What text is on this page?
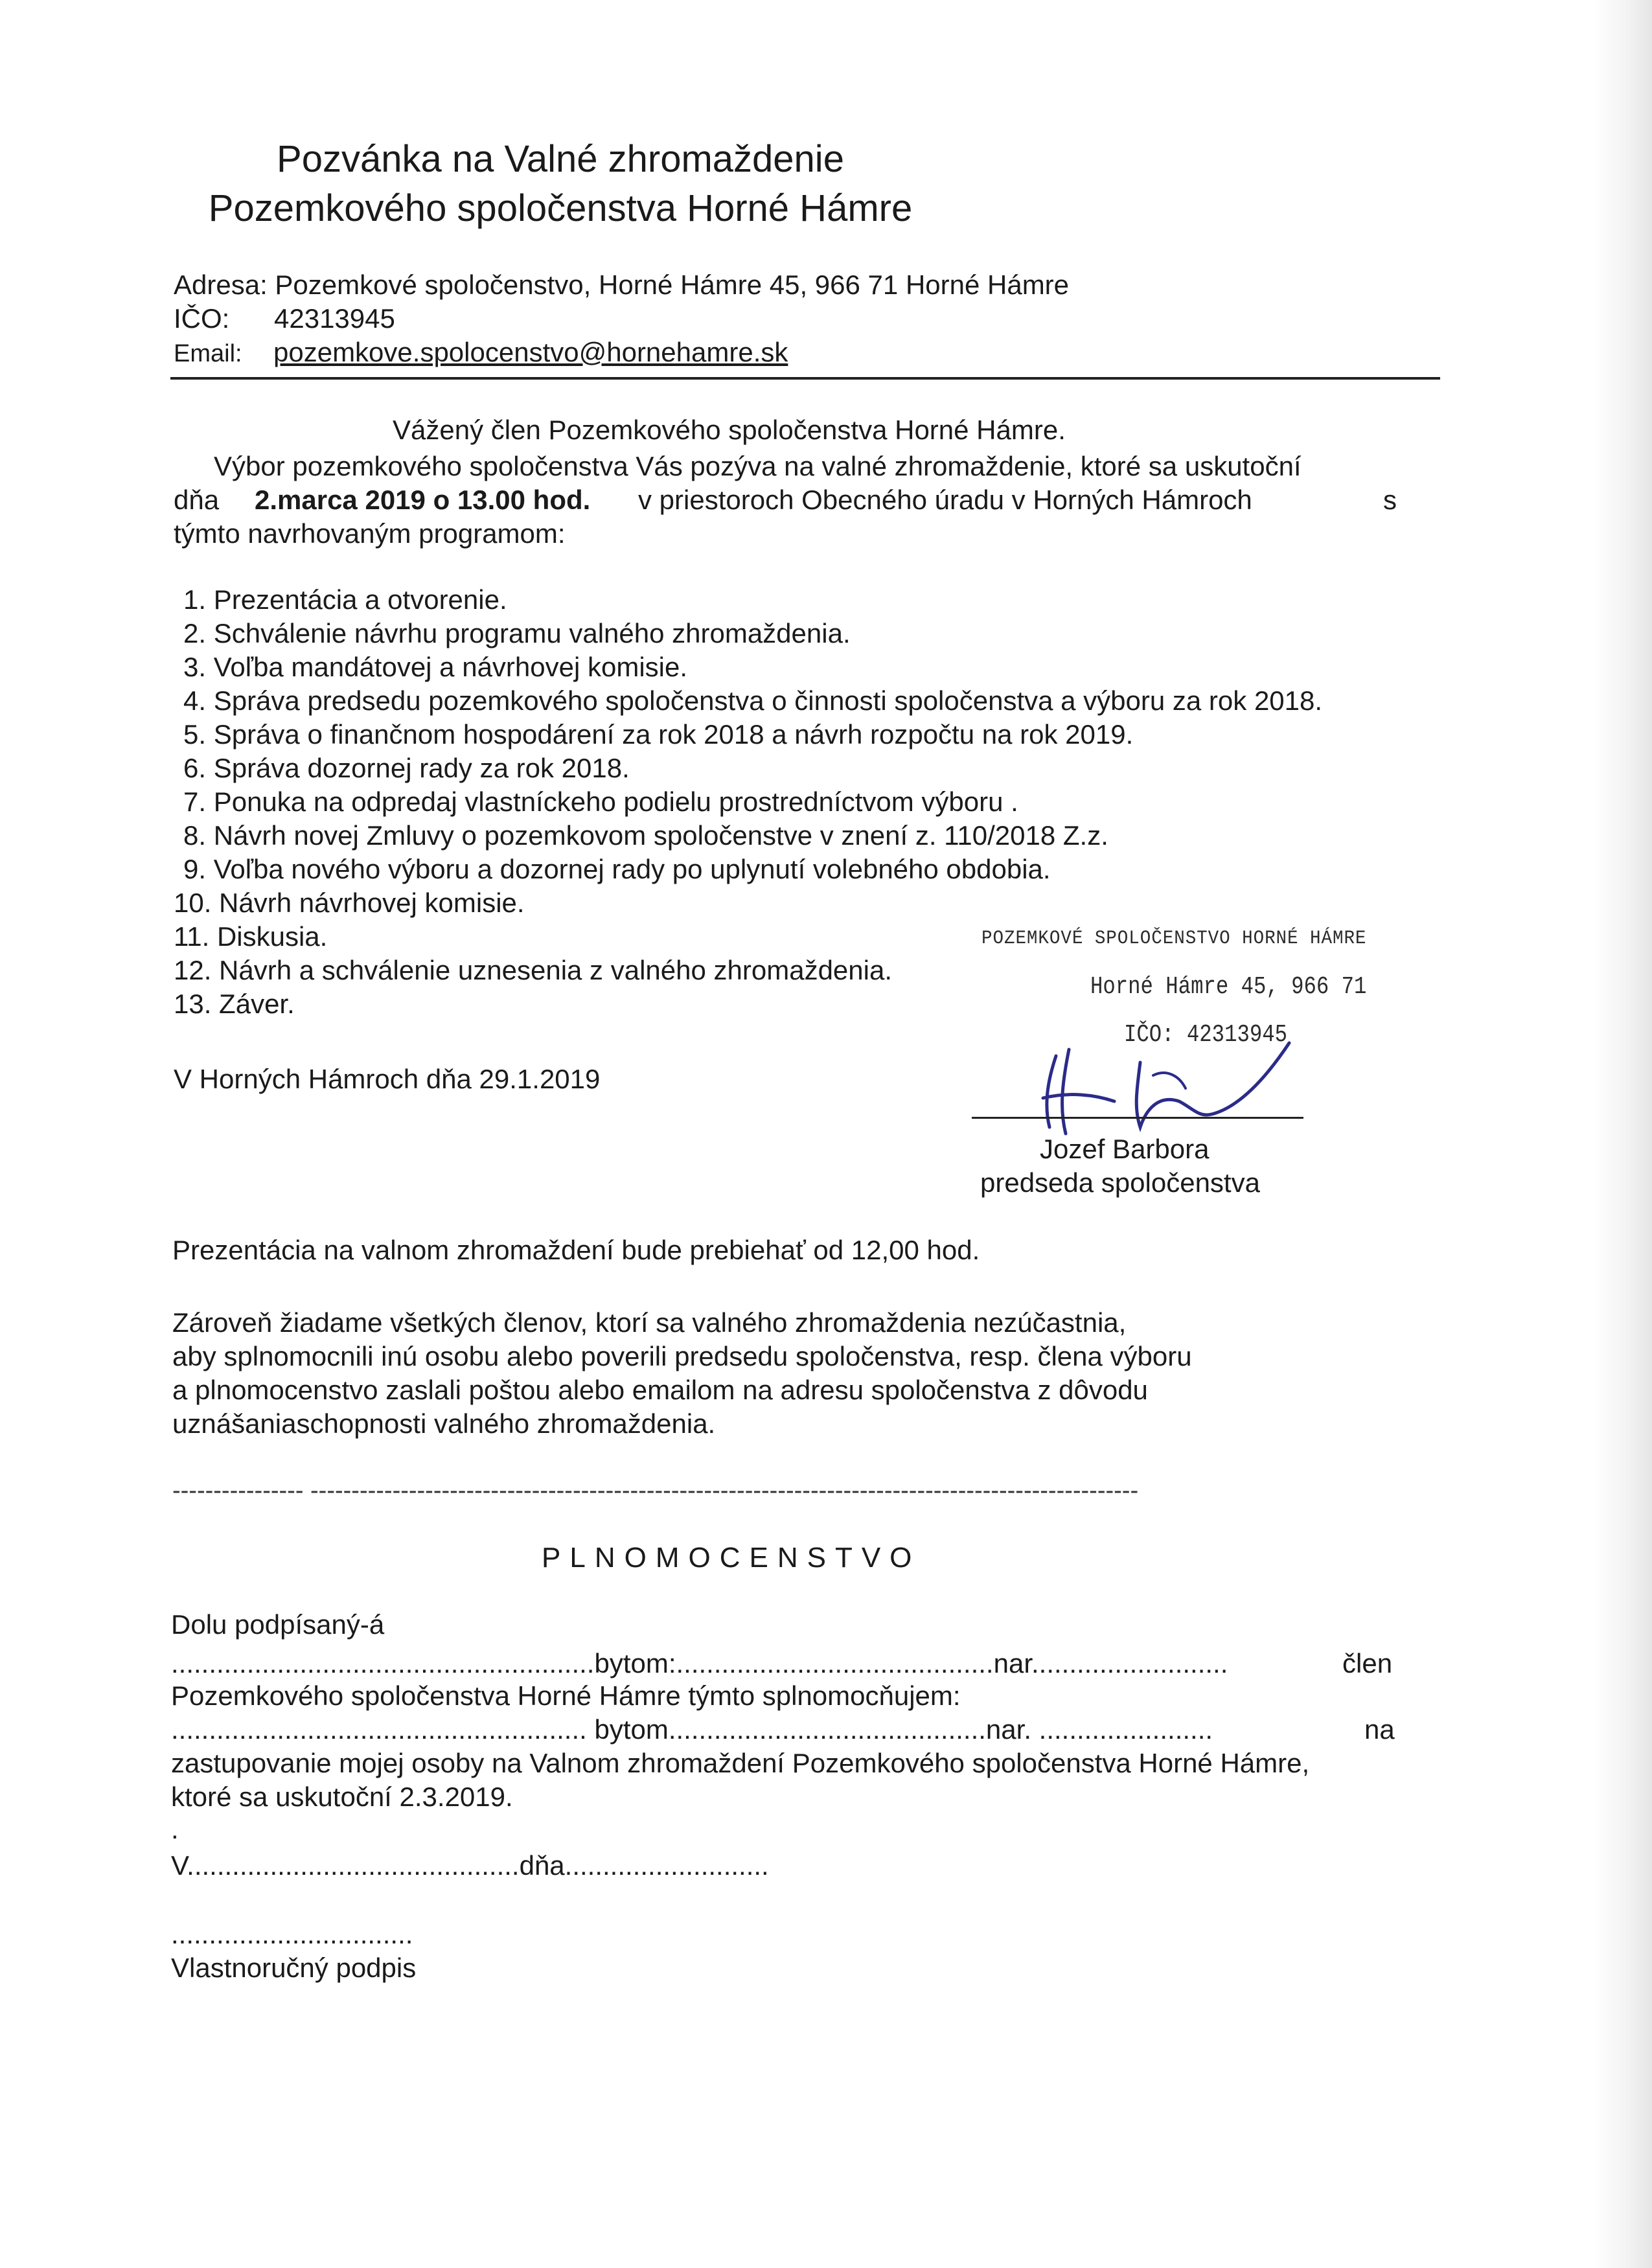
Pozvánka na Valné zhromaždenie
Pozemkového spoločenstva Horné Hámre
Adresa: Pozemkové spoločenstvo, Horné Hámre 45, 966 71 Horné Hámre
IČO: 42313945
Email: pozemkove.spolocenstvo@hornehamre.sk
Vážený člen Pozemkového spoločenstva Horné Hámre.
Výbor pozemkového spoločenstva Vás pozýva na valné zhromaždenie, ktoré sa uskutoční
dňa 2.marca 2019 o 13.00 hod. v priestoroch Obecného úradu v Horných Hámroch	s
týmto navrhovaným programom:
1. Prezentácia a otvorenie.
2. Schválenie návrhu programu valného zhromaždenia.
3. Voľba mandátovej a návrhovej komisie.
4. Správa predsedu pozemkového spoločenstva o činnosti spoločenstva a výboru za rok 2018.
5. Správa o finančnom hospodárení za rok 2018 a návrh rozpočtu na rok 2019.
6. Správa dozornej rady za rok 2018.
7. Ponuka na odpredaj vlastníckeho podielu prostredníctvom výboru .
8. Návrh novej Zmluvy o pozemkovom spoločenstve v znení z. 110/2018 Z.z.
9. Voľba nového výboru a dozornej rady po uplynutí volebného obdobia.
10. Návrh návrhovej komisie.
11. Diskusia.
12. Návrh a schválenie uznesenia z valného zhromaždenia.
13. Záver.
POZEMKOVÉ SPOLOČENSTVO HORNÉ HÁMRE
Horné Hámre 45, 966 71
IČO: 42313945
V Horných Hámroch dňa 29.1.2019
Jozef Barbora
predseda spoločenstva
Prezentácia na valnom zhromaždení bude prebiehať od 12,00 hod.
Zároveň žiadame všetkých členov, ktorí sa valného zhromaždenia nezúčastnia,
aby splnomocnili inú osobu alebo poverili predsedu spoločenstva, resp. člena výboru
a plnomocenstvo zaslali poštou alebo emailom na adresu spoločenstva z dôvodu
uznášaniaschopnosti valného zhromaždenia.
---------------- -----------------------------------------------------------------------------------------------------
PLNOMOCENSTVO
Dolu podpísaný-á
........................................................bytom:..........................................nar..........................	člen
Pozemkového spoločenstva Horné Hámre týmto splnomocňujem:
....................................................... bytom..........................................nar. .......................	na
zastupovanie mojej osoby na Valnom zhromaždení Pozemkového spoločenstva Horné Hámre,
ktoré sa uskutoční 2.3.2019.
.
V............................................dňa...........................
................................
Vlastnoručný podpis
